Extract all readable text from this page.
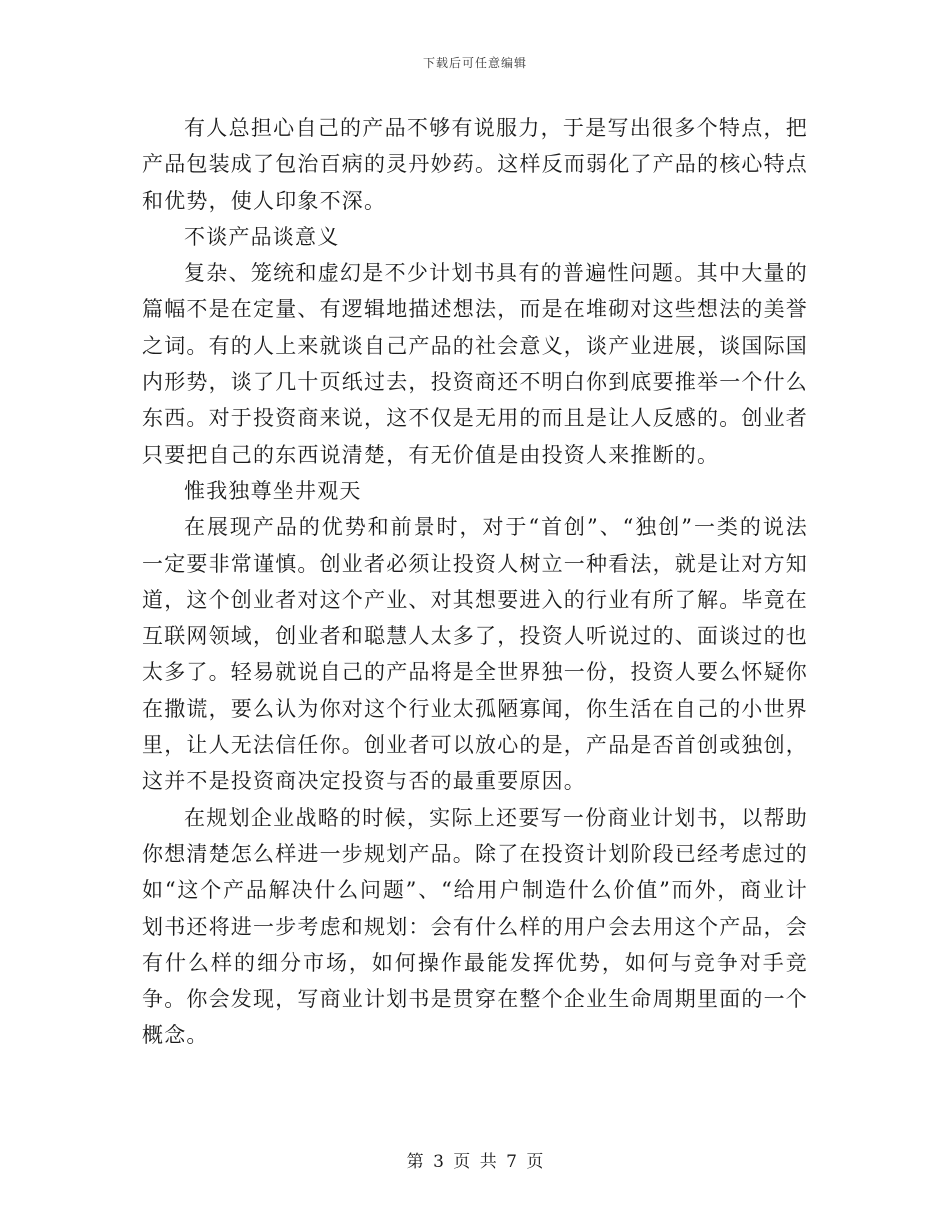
下载后可任意编辑

有人总担心自己的产品不够有说服力，于是写出很多个特点，把产品包装成了包治百病的灵丹妙药。这样反而弱化了产品的核心特点和优势，使人印象不深。

不谈产品谈意义

复杂、笼统和虚幻是不少计划书具有的普遍性问题。其中大量的篇幅不是在定量、有逻辑地描述想法，而是在堆砌对这些想法的美誉之词。有的人上来就谈自己产品的社会意义，谈产业进展，谈国际国内形势，谈了几十页纸过去，投资商还不明白你到底要推举一个什么东西。对于投资商来说，这不仅是无用的而且是让人反感的。创业者只要把自己的东西说清楚，有无价值是由投资人来推断的。

惟我独尊坐井观天

在展现产品的优势和前景时，对于“首创”、“独创”一类的说法一定要非常谨慎。创业者必须让投资人树立一种看法，就是让对方知道，这个创业者对这个产业、对其想要进入的行业有所了解。毕竟在互联网领域，创业者和聪慧人太多了，投资人听说过的、面谈过的也太多了。轻易就说自己的产品将是全世界独一份，投资人要么怀疑你在撒谎，要么认为你对这个行业太孤陋寡闻，你生活在自己的小世界里，让人无法信任你。创业者可以放心的是，产品是否首创或独创，这并不是投资商决定投资与否的最重要原因。

在规划企业战略的时候，实际上还要写一份商业计划书，以帮助你想清楚怎么样进一步规划产品。除了在投资计划阶段已经考虑过的如“这个产品解决什么问题”、“给用户制造什么价值”而外，商业计划书还将进一步考虑和规划：会有什么样的用户会去用这个产品，会有什么样的细分市场，如何操作最能发挥优势，如何与竞争对手竞争。你会发现，写商业计划书是贯穿在整个企业生命周期里面的一个概念。

第 3 页 共 7 页
